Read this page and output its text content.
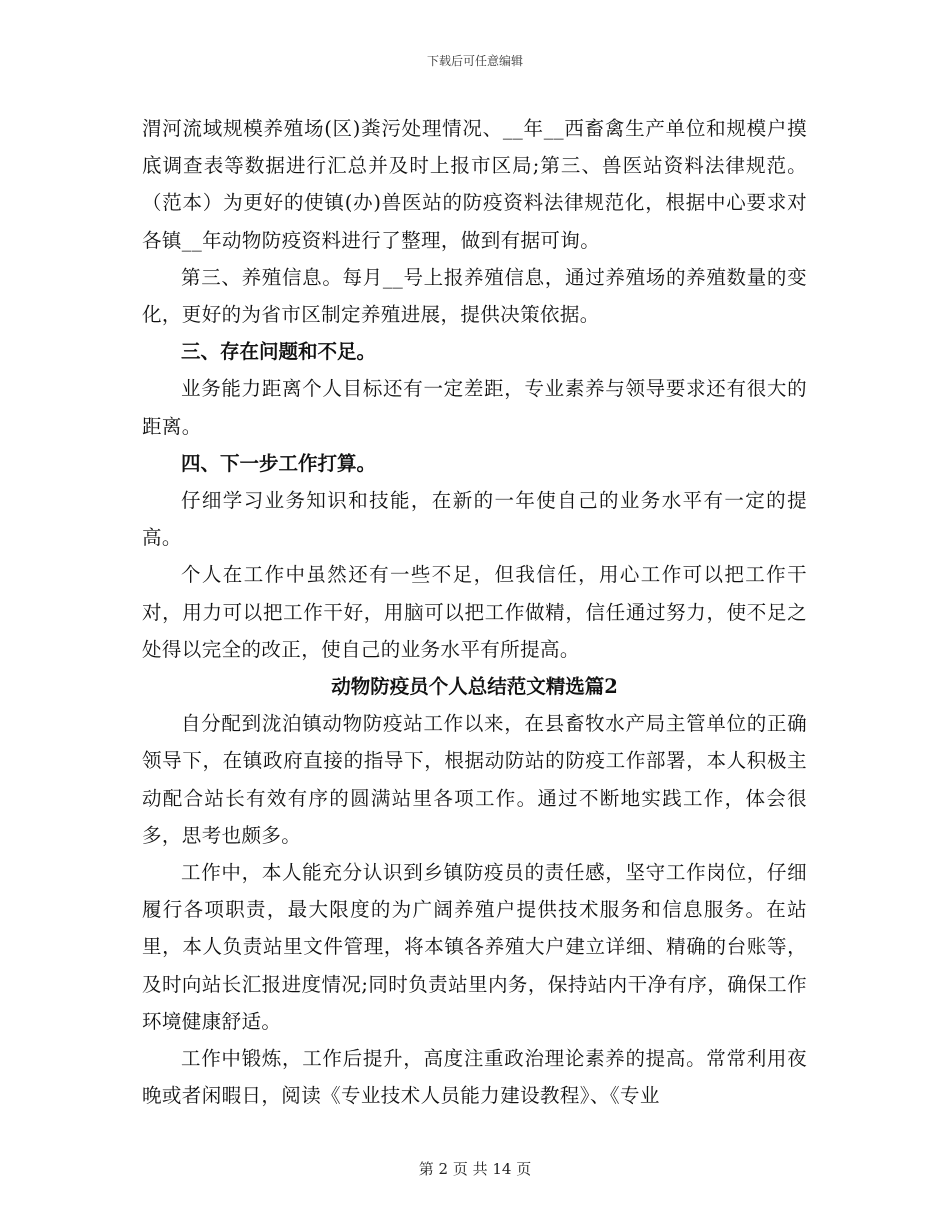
下载后可任意编辑

渭河流域规模养殖场(区)粪污处理情况、__年__西畜禽生产单位和规模户摸底调查表等数据进行汇总并及时上报市区局;第三、兽医站资料法律规范。（范本）为更好的使镇(办)兽医站的防疫资料法律规范化，根据中心要求对各镇__年动物防疫资料进行了整理，做到有据可询。

第三、养殖信息。每月__号上报养殖信息，通过养殖场的养殖数量的变化，更好的为省市区制定养殖进展，提供决策依据。

三、存在问题和不足。

业务能力距离个人目标还有一定差距，专业素养与领导要求还有很大的距离。

四、下一步工作打算。

仔细学习业务知识和技能，在新的一年使自己的业务水平有一定的提高。

个人在工作中虽然还有一些不足，但我信任，用心工作可以把工作干对，用力可以把工作干好，用脑可以把工作做精，信任通过努力，使不足之处得以完全的改正，使自己的业务水平有所提高。

动物防疫员个人总结范文精选篇2

自分配到泷泊镇动物防疫站工作以来，在县畜牧水产局主管单位的正确领导下，在镇政府直接的指导下，根据动防站的防疫工作部署，本人积极主动配合站长有效有序的圆满站里各项工作。通过不断地实践工作，体会很多，思考也颇多。

工作中，本人能充分认识到乡镇防疫员的责任感，坚守工作岗位，仔细履行各项职责，最大限度的为广阔养殖户提供技术服务和信息服务。在站里，本人负责站里文件管理，将本镇各养殖大户建立详细、精确的台账等，及时向站长汇报进度情况;同时负责站里内务，保持站内干净有序，确保工作环境健康舒适。

工作中锻炼，工作后提升，高度注重政治理论素养的提高。常常利用夜晚或者闲暇日，阅读《专业技术人员能力建设教程》、《专业

第 2 页 共 14 页
